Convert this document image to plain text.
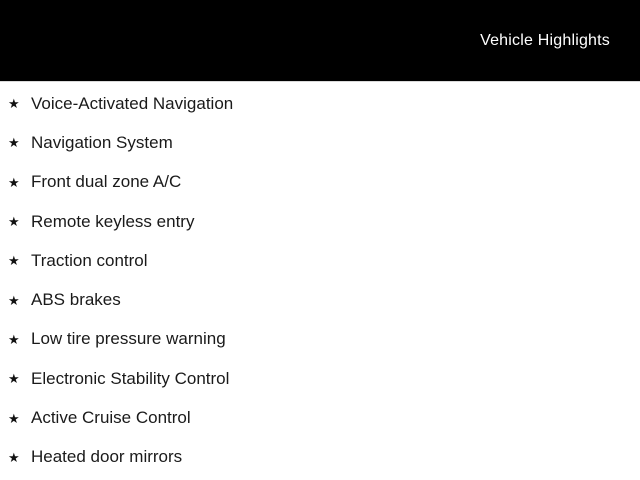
Vehicle Highlights
★ Voice-Activated Navigation
★ Navigation System
★ Front dual zone A/C
★ Remote keyless entry
★ Traction control
★ ABS brakes
★ Low tire pressure warning
★ Electronic Stability Control
★ Active Cruise Control
★ Heated door mirrors
